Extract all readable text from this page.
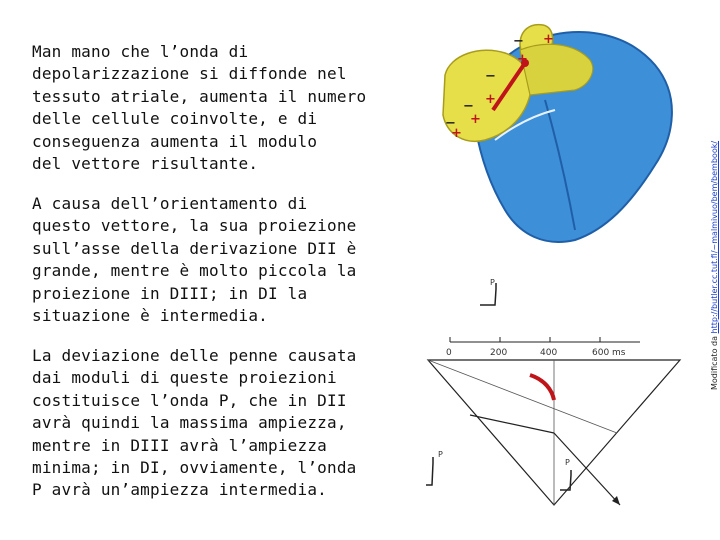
Man mano che l’onda di
depolarizzazione si diffonde nel
tessuto atriale, aumenta il numero
delle cellule coinvolte, e di
conseguenza aumenta il modulo
del vettore risultante.

A causa dell’orientamento di
questo vettore, la sua proiezione
sull’asse della derivazione DII è
grande, mentre è molto piccola la
proiezione in DIII; in DI la
situazione è intermedia.

La deviazione delle penne causata
dai moduli di queste proiezioni
costituisce l’onda P, che in DII
avrà quindi la massima ampiezza,
mentre in DIII avrà l’ampiezza
minima; in DI, ovviamente, l’onda
P avrà un’ampiezza intermedia.

Modificato da http://butler.cc.tut.fi/~malmivuo/bem/bembook/
+
+
+
+
+
−
−
−
−
P
0	200	400	600 ms
P
P
